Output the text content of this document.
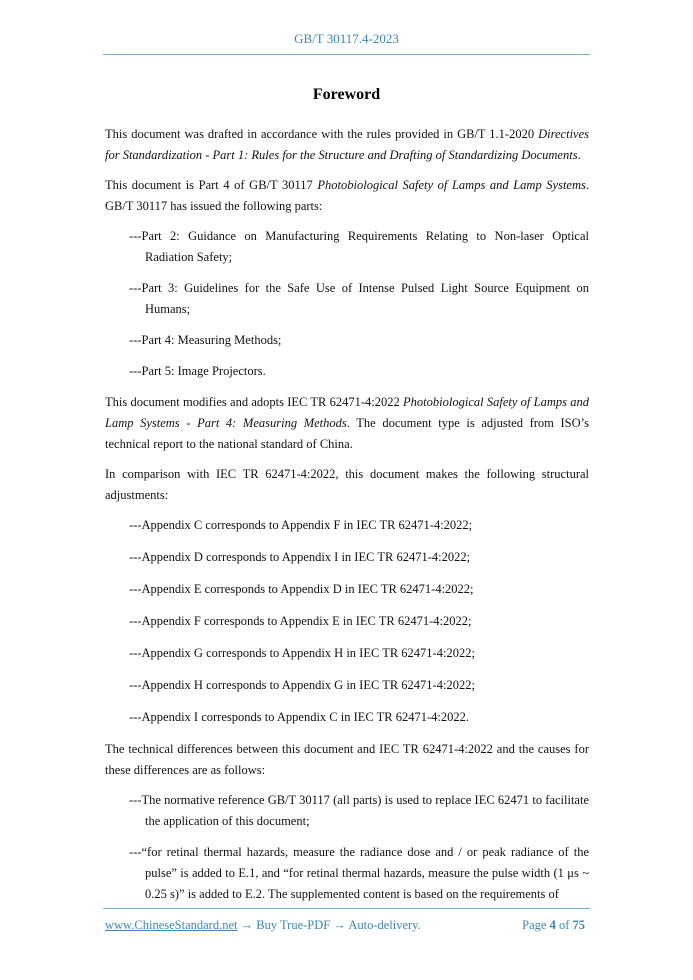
GB/T 30117.4-2023
Foreword

This document was drafted in accordance with the rules provided in GB/T 1.1-2020 Directives for Standardization - Part 1: Rules for the Structure and Drafting of Standardizing Documents.

This document is Part 4 of GB/T 30117 Photobiological Safety of Lamps and Lamp Systems. GB/T 30117 has issued the following parts:

---Part 2: Guidance on Manufacturing Requirements Relating to Non-laser Optical Radiation Safety;
---Part 3: Guidelines for the Safe Use of Intense Pulsed Light Source Equipment on Humans;
---Part 4: Measuring Methods;
---Part 5: Image Projectors.

This document modifies and adopts IEC TR 62471-4:2022 Photobiological Safety of Lamps and Lamp Systems - Part 4: Measuring Methods. The document type is adjusted from ISO’s technical report to the national standard of China.

In comparison with IEC TR 62471-4:2022, this document makes the following structural adjustments:

---Appendix C corresponds to Appendix F in IEC TR 62471-4:2022;
---Appendix D corresponds to Appendix I in IEC TR 62471-4:2022;
---Appendix E corresponds to Appendix D in IEC TR 62471-4:2022;
---Appendix F corresponds to Appendix E in IEC TR 62471-4:2022;
---Appendix G corresponds to Appendix H in IEC TR 62471-4:2022;
---Appendix H corresponds to Appendix G in IEC TR 62471-4:2022;
---Appendix I corresponds to Appendix C in IEC TR 62471-4:2022.

The technical differences between this document and IEC TR 62471-4:2022 and the causes for these differences are as follows:

---The normative reference GB/T 30117 (all parts) is used to replace IEC 62471 to facilitate the application of this document;
---“for retinal thermal hazards, measure the radiance dose and / or peak radiance of the pulse” is added to E.1, and “for retinal thermal hazards, measure the pulse width (1 μs ~ 0.25 s)” is added to E.2. The supplemented content is based on the requirements of
www.ChineseStandard.net → Buy True-PDF → Auto-delivery.	Page 4 of 75
